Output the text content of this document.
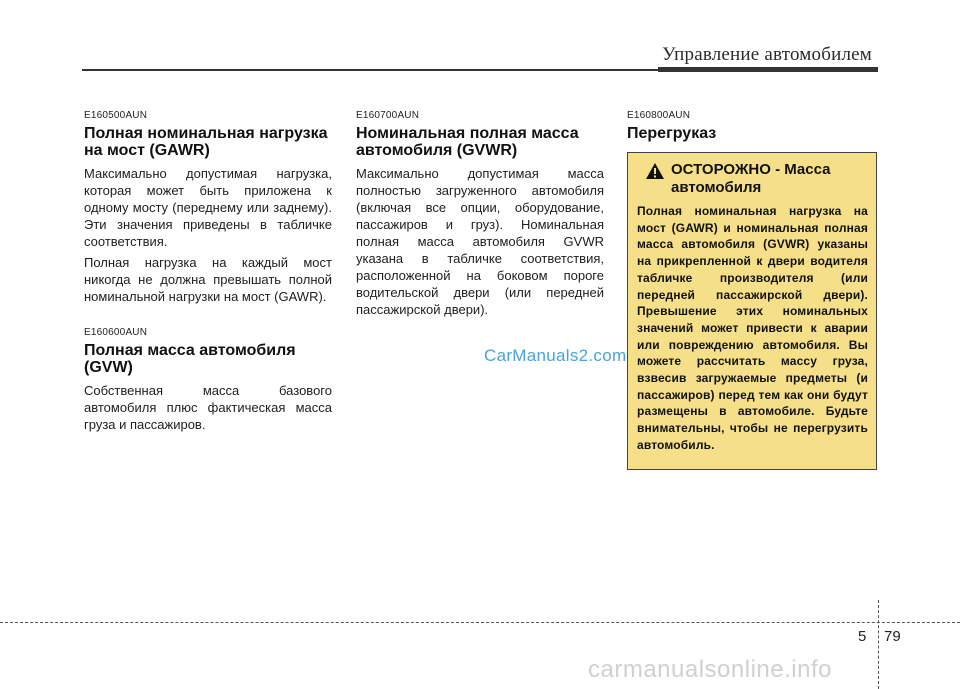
Управление автомобилем
E160500AUN
Полная номинальная нагрузка на мост (GAWR)

Максимально допустимая нагрузка, которая может быть приложена к одному мосту (переднему или заднему). Эти значения приведены в табличке соответствия.

Полная нагрузка на каждый мост никогда не должна превышать полной номинальной нагрузки на мост (GAWR).

E160600AUN
Полная масса автомобиля (GVW)

Собственная масса базового автомобиля плюс фактическая масса груза и пассажиров.

E160700AUN
Номинальная полная масса автомобиля (GVWR)

Максимально допустимая масса полностью загруженного автомобиля (включая все опции, оборудование, пассажиров и груз). Номинальная полная масса автомобиля GVWR указана в табличке соответствия, расположенной на боковом пороге водительской двери (или передней пассажирской двери).

E160800AUN
Перегруказ
ОСТОРОЖНО - Масса
автомобиля
Полная номинальная нагрузка на мост (GAWR) и номинальная полная масса автомобиля (GVWR) указаны на прикрепленной к двери водителя табличке производителя (или передней пассажирской двери). Превышение этих номинальных значений может привести к аварии или повреждению автомобиля. Вы можете рассчитать массу груза, взвесив загружаемые предметы (и пассажиров) перед тем как они будут размещены в автомобиле. Будьте внимательны, чтобы не перегрузить автомобиль.
CarManuals2.com
5 79
carmanualsonline.info
